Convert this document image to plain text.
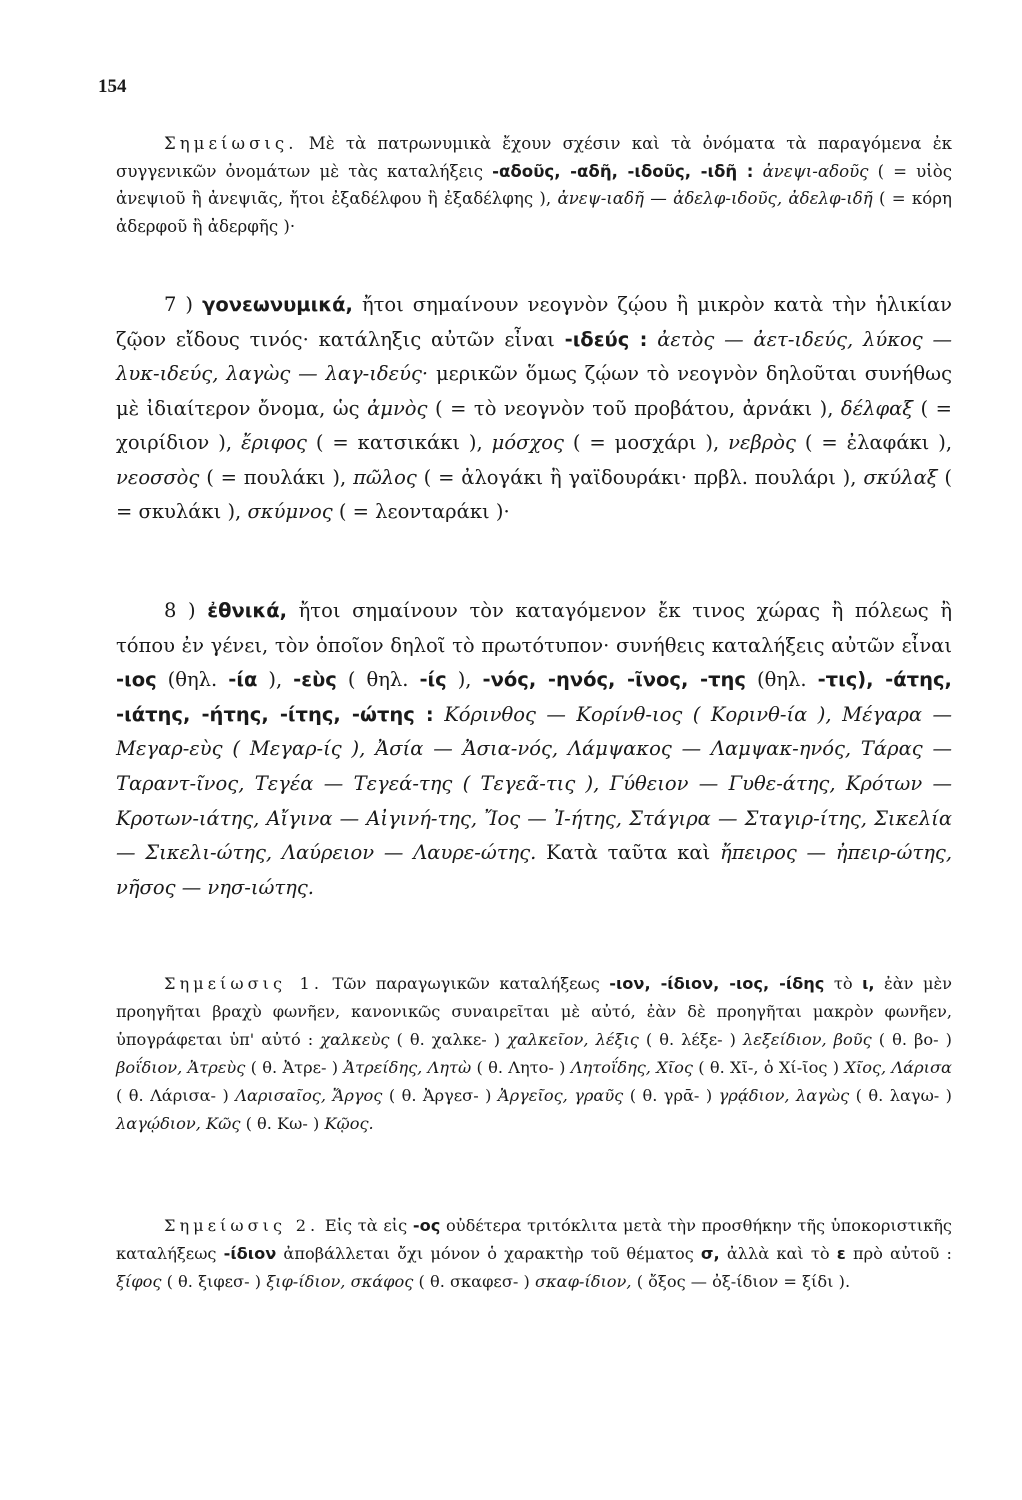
154

Σημείωσις. Μὲ τὰ πατρωνυμικὰ ἔχουν σχέσιν καὶ τὰ ὀνόματα τὰ παραγόμενα ἐκ συγγενικῶν ὀνομάτων μὲ τὰς καταλήξεις -αδοῦς, -αδῆ, -ιδοῦς, -ιδῆ : ἀνεψι-αδοῦς ( = υἱὸς ἀνεψιοῦ ἢ ἀνεψιᾶς, ἤτοι ἐξαδέλφου ἢ ἐξαδέλφης ), ἀνεψ-ιαδῆ — ἀδελφ-ιδοῦς, ἀδελφ-ιδῆ ( = κόρη ἀδερφοῦ ἢ ἀδερφῆς )·

7 ) γονεωνυμικά, ἤτοι σημαίνουν νεογνὸν ζῴου ἢ μικρὸν κατὰ τὴν ἡλικίαν ζῷον εἴδους τινός· κατάληξις αὐτῶν εἶναι -ιδεύς : ἀετὸς — ἀετ-ιδεύς, λύκος — λυκ-ιδεύς, λαγὼς — λαγ-ιδεύς· μερικῶν ὅμως ζῴων τὸ νεογνὸν δηλοῦται συνήθως μὲ ἰδιαίτερον ὄνομα, ὡς ἀμνὸς ( = τὸ νεογνὸν τοῦ προβάτου, ἀρνάκι ), δέλφαξ ( = χοιρίδιον ), ἔριφος ( = κατσικάκι ), μόσχος ( = μοσχάρι ), νεβρὸς ( = ἐλαφάκι ), νεοσσὸς ( = πουλάκι ), πῶλος ( = ἀλογάκι ἢ γαϊδουράκι· πρβλ. πουλάρι ), σκύλαξ ( = σκυλάκι ), σκύμνος ( = λεονταράκι )·

8 ) ἐθνικά, ἤτοι σημαίνουν τὸν καταγόμενον ἔκ τινος χώρας ἢ πόλεως ἢ τόπου ἐν γένει, τὸν ὁποῖον δηλοῖ τὸ πρωτότυπον· συνήθεις καταλήξεις αὐτῶν εἶναι -ιος (θηλ. -ία ), -εὺς ( θηλ. -ίς ), -νός, -ηνός, -ῖνος, -της (θηλ. -τις), -άτης, -ιάτης, -ήτης, -ίτης, -ώτης : Κόρινθος — Κορίνθ-ιος ( Κορινθ-ία ), Μέγαρα — Μεγαρ-εὺς ( Μεγαρ-ίς ), Ἀσία — Ἀσια-νός, Λάμψακος — Λαμψακ-ηνός, Τάρας — Ταραντ-ῖνος, Τεγέα — Τεγεά-της ( Τεγεᾶ-τις ), Γύθειον — Γυθε-άτης, Κρότων — Κροτων-ιάτης, Αἴγινα — Αἰγινή-της, Ἴος — Ἰ-ήτης, Στάγιρα — Σταγιρ-ίτης, Σικελία — Σικελι-ώτης, Λαύρειον — Λαυρε-ώτης. Κατὰ ταῦτα καὶ ἤπειρος — ἠπειρ-ώτης, νῆσος — νησ-ιώτης.

Σημείωσις 1. Τῶν παραγωγικῶν καταλήξεως -ιον, -ίδιον, -ιος, -ίδης τὸ ι, ἐὰν μὲν προηγῆται βραχὺ φωνῆεν, κανονικῶς συναιρεῖται μὲ αὐτό, ἐὰν δὲ προηγῆται μακρὸν φωνῆεν, ὑπογράφεται ὑπ' αὐτό : χαλκεὺς ( θ. χαλκε- ) χαλκεῖον, λέξις ( θ. λέξε- ) λεξείδιον, βοῦς ( θ. βο- ) βοΐδιον, Ἀτρεὺς ( θ. Ἀτρε- ) Ἀτρείδης, Λητὼ ( θ. Λητο- ) Λητοΐδης, Χῖος ( θ. Χῖ-, ὁ Χί-ῖος ) Χῖος, Λάρισα ( θ. Λάρισα- ) Λαρισαῖος, Ἄργος ( θ. Ἀργεσ- ) Ἀργεῖος, γραῦς ( θ. γρᾱ- ) γρᾴδιον, λαγὼς ( θ. λαγω- ) λαγῴδιον, Κῶς ( θ. Κω- ) Κῷος.

Σημείωσις 2. Εἰς τὰ εἰς -ος οὐδέτερα τριτόκλιτα μετὰ τὴν προσθήκην τῆς ὑποκοριστικῆς καταλήξεως -ίδιον ἀποβάλλεται ὄχι μόνον ὁ χαρακτὴρ τοῦ θέματος σ, ἀλλὰ καὶ τὸ ε πρὸ αὐτοῦ : ξίφος ( θ. ξιφεσ- ) ξιφ-ίδιον, σκάφος ( θ. σκαφεσ- ) σκαφ-ίδιον, ( ὄξος — ὀξ-ίδιον = ξίδι ).
